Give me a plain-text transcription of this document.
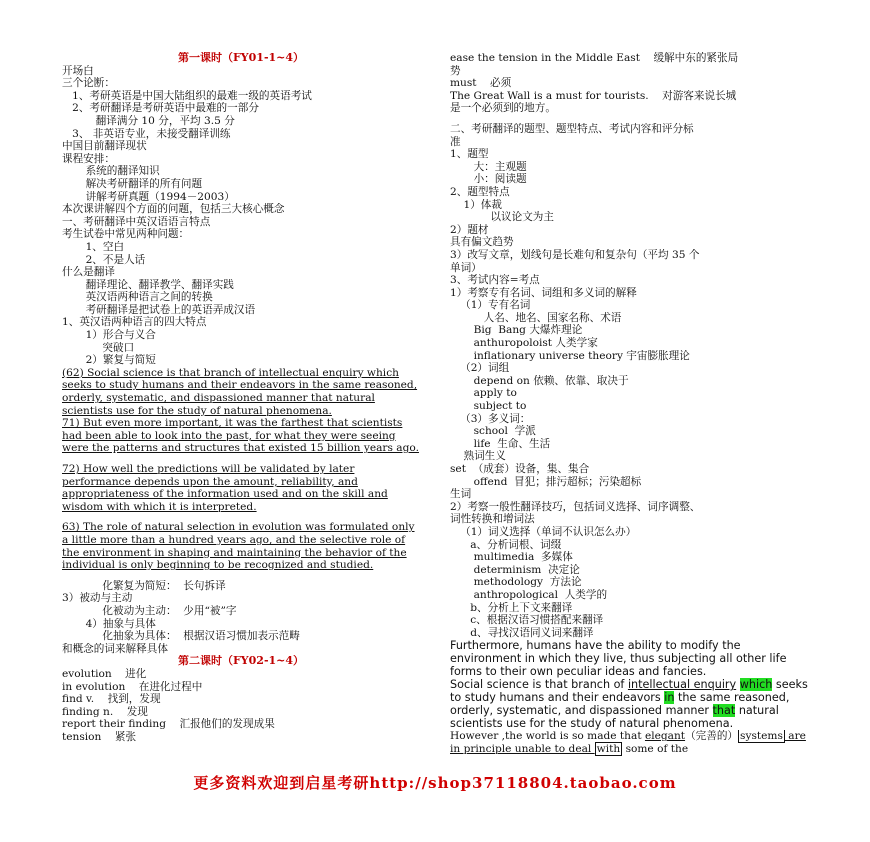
第一课时（FY01-1~4）
开场白
三个论断：
1、考研英语是中国大陆组织的最难一级的英语考试
2、考研翻译是考研英语中最难的一部分
翻译满分 10 分，平均 3.5 分
3、 非英语专业，未接受翻译训练
中国目前翻译现状
课程安排：
系统的翻译知识
解决考研翻译的所有问题
讲解考研真题（1994－2003）
本次课讲解四个方面的问题，包括三大核心概念
一、考研翻译中英汉语语言特点
考生试卷中常见两种问题：
1、空白
2、不是人话
什么是翻译
翻译理论、翻译教学、翻译实践
英汉语两种语言之间的转换
考研翻译是把试卷上的英语弄成汉语
1、英汉语两种语言的四大特点
1）形合与义合
突破口
2）繁复与简短
(62) Social science is that branch of intellectual enquiry which seeks to study humans and their endeavors in the same reasoned, orderly, systematic, and dispassioned manner that natural scientists use for the study of natural phenomena.
71) But even more important, it was the farthest that scientists had been able to look into the past, for what they were seeing were the patterns and structures that existed 15 billion years ago.
72) How well the predictions will be validated by later performance depends upon the amount, reliability, and appropriateness of the information used and on the skill and wisdom with which it is interpreted.
63) The role of natural selection in evolution was formulated only a little more than a hundred years ago, and the selective role of the environment in shaping and maintaining the behavior of the individual is only beginning to be recognized and studied.
化繁复为简短：  长句拆译
3）被动与主动
化被动为主动：  少用“被”字
4）抽象与具体
化抽象为具体：  根据汉语习惯加表示范畴
和概念的词来解释具体
第二课时（FY02-1~4）
evolution    进化
in evolution    在进化过程中
find v.    找到，发现
finding n.    发现
report their finding    汇报他们的发现成果
tension    紧张
ease the tension in the Middle East    缓解中东的紧张局
势
must    必须
The Great Wall is a must for tourists.    对游客来说长城
是一个必须到的地方。
二、考研翻译的题型、题型特点、考试内容和评分标
准
1、题型
大：主观题
小：阅读题
2、题型特点
1）体裁
以议论文为主
2）题材
具有偏文趋势
3）改写文章，划线句是长难句和复杂句（平均 35 个
单词）
3、考试内容=考点
1）考察专有名词、词组和多义词的解释
（1）专有名词
人名、地名、国家名称、术语
Big  Bang 大爆炸理论
anthuropoloist 人类学家
inflationary universe theory 宇宙膨胀理论
（2）词组
depend on 依赖、依靠、取决于
apply to
subject to
（3）多义词：
school  学派
life  生命、生活
熟词生义
set  （成套）设备，集、集合
offend  冒犯；排污超标；污染超标
生词
2）考察一般性翻译技巧，包括词义选择、词序调整、
词性转换和增词法
（1）词义选择（单词不认识怎么办）
a、分析词根、词缀
multimedia  多媒体
determinism  决定论
methodology  方法论
anthropological  人类学的
b、分析上下文来翻译
c、根据汉语习惯搭配来翻译
d、寻找汉语同义词来翻译
Furthermore, humans have the ability to modify the environment in which they live, thus subjecting all other life forms to their own peculiar ideas and fancies.
Social science is that branch of intellectual enquiry which seeks to study humans and their endeavors in the same reasoned, orderly, systematic, and dispassioned manner that natural scientists use for the study of natural phenomena.
However ,the world is so made that elegant（完善的） systems are in principle unable to deal with some of the
更多资料欢迎到启星考研http://shop37118804.taobao.com
